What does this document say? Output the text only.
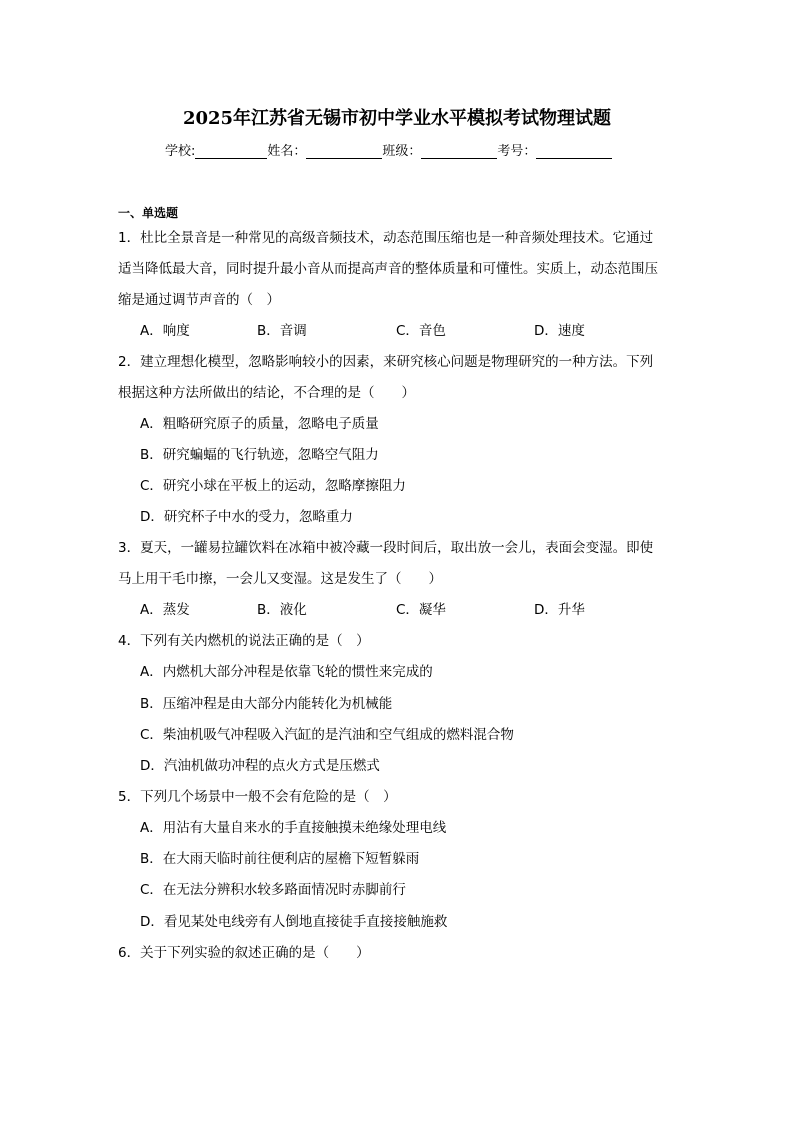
2025年江苏省无锡市初中学业水平模拟考试物理试题
学校:	姓名：	班级：	考号：
一、单选题
1．杜比全景音是一种常见的高级音频技术，动态范围压缩也是一种音频处理技术。它通过
适当降低最大音，同时提升最小音从而提高声音的整体质量和可懂性。实质上，动态范围压
缩是通过调节声音的（　）
A．响度	B．音调	C．音色	D．速度
2．建立理想化模型，忽略影响较小的因素，来研究核心问题是物理研究的一种方法。下列
根据这种方法所做出的结论，不合理的是（　　）
A．粗略研究原子的质量，忽略电子质量
B．研究蝙蝠的飞行轨迹，忽略空气阻力
C．研究小球在平板上的运动，忽略摩擦阻力
D．研究杯子中水的受力，忽略重力
3．夏天，一罐易拉罐饮料在冰箱中被冷藏一段时间后，取出放一会儿，表面会变湿。即使
马上用干毛巾擦，一会儿又变湿。这是发生了（　　）
A．蒸发	B．液化	C．凝华	D．升华
4．下列有关内燃机的说法正确的是（　）
A．内燃机大部分冲程是依靠飞轮的惯性来完成的
B．压缩冲程是由大部分内能转化为机械能
C．柴油机吸气冲程吸入汽缸的是汽油和空气组成的燃料混合物
D．汽油机做功冲程的点火方式是压燃式
5．下列几个场景中一般不会有危险的是（　）
A．用沾有大量自来水的手直接触摸未绝缘处理电线
B．在大雨天临时前往便利店的屋檐下短暂躲雨
C．在无法分辨积水较多路面情况时赤脚前行
D．看见某处电线旁有人倒地直接徒手直接接触施救
6．关于下列实验的叙述正确的是（　　）
